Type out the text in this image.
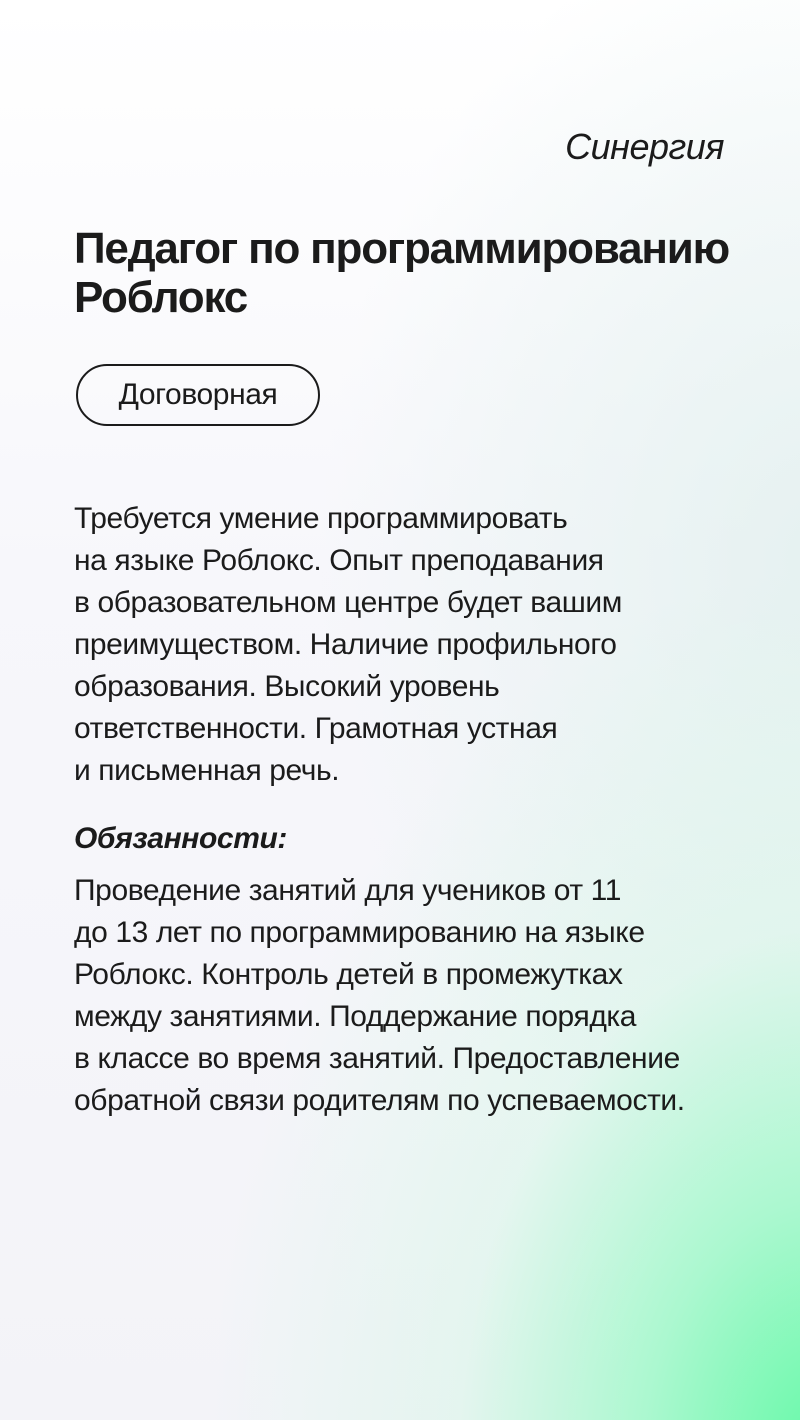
Синергия
Педагог по программированию
Роблокс
Договорная

Требуется умение программировать
на языке Роблокс. Опыт преподавания
в образовательном центре будет вашим
преимуществом. Наличие профильного
образования. Высокий уровень
ответственности. Грамотная устная
и письменная речь.

Обязанности:

Проведение занятий для учеников от 11
до 13 лет по программированию на языке
Роблокс. Контроль детей в промежутках
между занятиями. Поддержание порядка
в классе во время занятий. Предоставление
обратной связи родителям по успеваемости.
